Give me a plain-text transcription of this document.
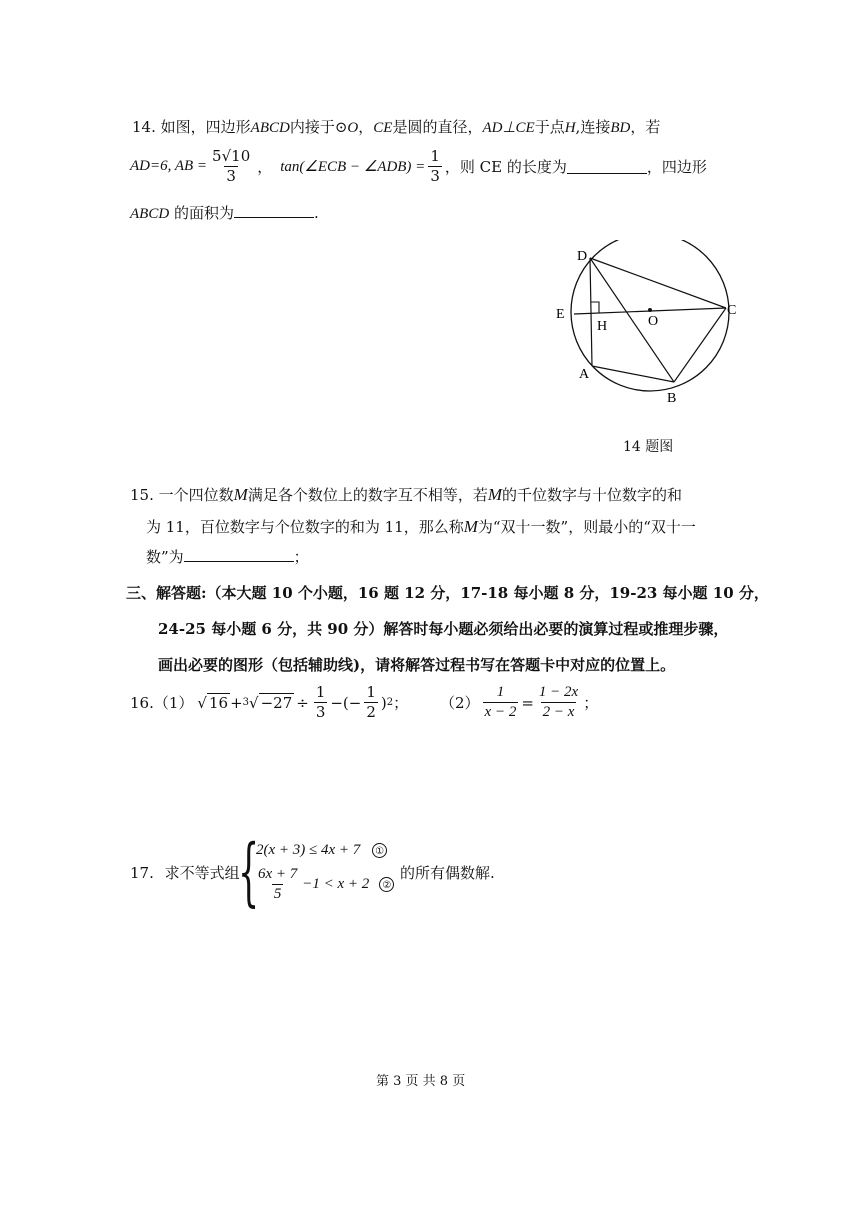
14. 如图，四边形ABCD内接于⊙O，CE是圆的直径，AD⊥CE于点H,连接BD，若
AD=6, AB = $\frac{5√10}{3}$ ， tan(∠ECB − ∠ADB) = $\frac{1}{3}$ ，则 CE 的长度为	，四边形
ABCD 的面积为	.
D
E
H	O
C
A
B
14 题图
15. 一个四位数M满足各个数位上的数字互不相等，若M的千位数字与十位数字的和
为 11，百位数字与个位数字的和为 11，那么称M为“双十一数”，则最小的“双十一
数”为	；
三、解答题:（本大题 10 个小题，16 题 12 分，17-18 每小题 8 分，19-23 每小题 10 分，
24-25 每小题 6 分，共 90 分）解答时每小题必须给出必要的演算过程或推理步骤，
画出必要的图形（包括辅助线)，请将解答过程书写在答题卡中对应的位置上。
16.（1） √ 16 + 3 √ $-27 \div \frac{1}{3}$ −(− $\frac{1}{2}$ ) 2 ； $(2) \frac{1}{x - 2} = \frac{1 - 2x}{2 - x}$ ；
17. 求不等式组
{
2(x + 3) ≤ 4x + 7 ①
$\frac{6x + 7}{5} -1 < x + 2$	②
的所有偶数解.
第 3 页 共 8 页
